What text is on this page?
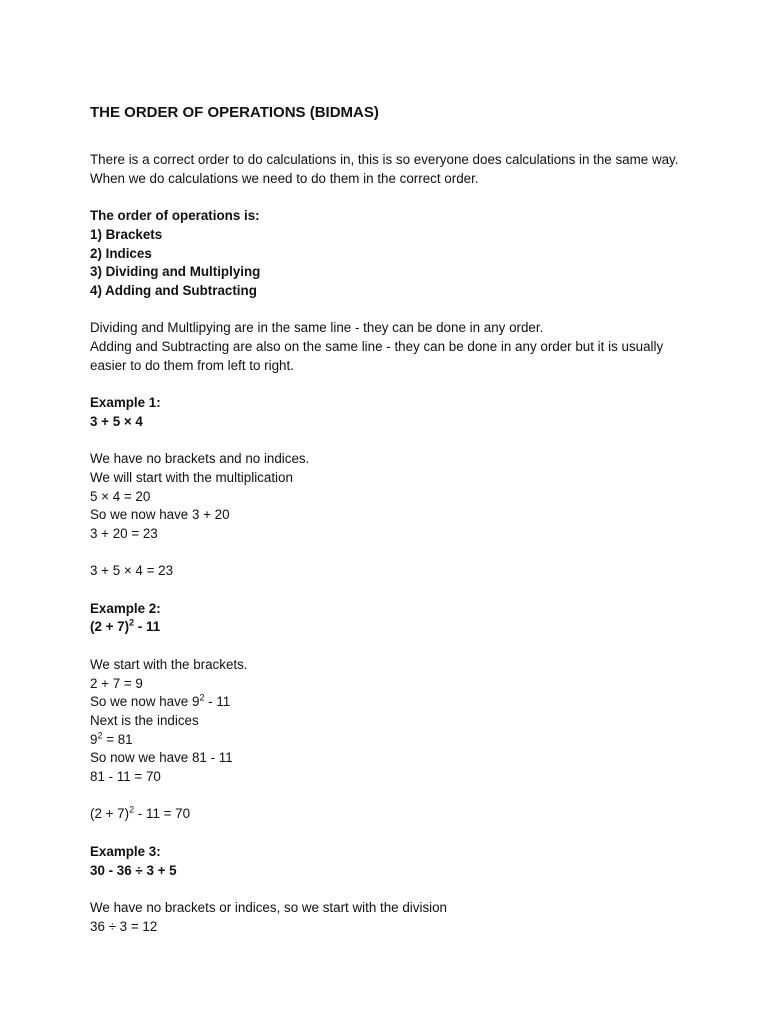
THE ORDER OF OPERATIONS (BIDMAS)
There is a correct order to do calculations in, this is so everyone does calculations in the same way. When we do calculations we need to do them in the correct order.
The order of operations is:
1) Brackets
2) Indices
3) Dividing and Multiplying
4) Adding and Subtracting
Dividing and Multlipying are in the same line - they can be done in any order.
Adding and Subtracting are also on the same line - they can be done in any order but it is usually easier to do them from left to right.
Example 1:
3 + 5 × 4
We have no brackets and no indices.
We will start with the multiplication
5 × 4 = 20
So we now have 3 + 20
3 + 20 = 23
3 + 5 × 4 = 23
Example 2:
$(2 + 7)^2 - 11$
We start with the brackets.
2 + 7 = 9
So we now have $9^2 - 11$
Next is the indices
$9^2 = 81$
So now we have 81 - 11
81 - 11 = 70
$(2 + 7)^2 - 11 = 70$
Example 3:
30 - 36 ÷ 3 + 5
We have no brackets or indices, so we start with the division
36 ÷ 3 = 12
